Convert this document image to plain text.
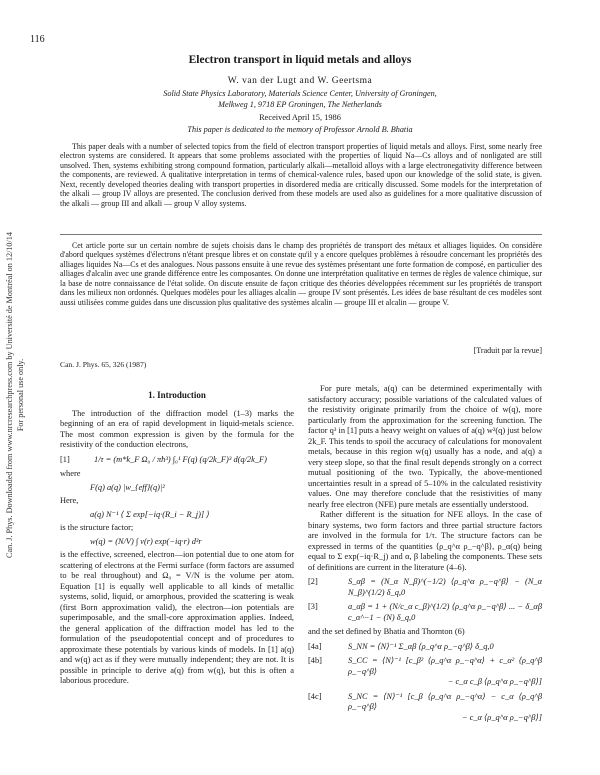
116
Can. J. Phys. Downloaded from www.nrcresearchpress.com by Université de Montréal on 12/10/14 For personal use only.
Electron transport in liquid metals and alloys
W. van der Lugt and W. Geertsma
Solid State Physics Laboratory, Materials Science Center, University of Groningen,
Melkweg 1, 9718 EP Groningen, The Netherlands
Received April 15, 1986
This paper is dedicated to the memory of Professor Arnold B. Bhatia

This paper deals with a number of selected topics from the field of electron transport properties of liquid metals and alloys. First, some nearly free electron systems are considered. It appears that some problems associated with the properties of liquid Na—Cs alloys and of nonligated are still unsolved. Then, systems exhibiting strong compound formation, particularly alkali—metalloid alloys with a large electronegativity difference between the components, are reviewed. A qualitative interpretation in terms of chemical-valence rules, based upon our knowledge of the solid state, is given. Next, recently developed theories dealing with transport properties in disordered media are critically discussed. Some models for the interpretation of the alkali — group IV alloys are presented. The conclusion derived from these models are used also as guidelines for a more qualitative discussion of the alkali — group III and alkali — group V alloy systems.

Cet article porte sur un certain nombre de sujets choisis dans le champ des propriétés de transport des métaux et alliages liquides. On considère d'abord quelques systèmes d'électrons n'étant presque libres et on constate qu'il y a encore quelques problèmes à résoudre concernant les propriétés des alliages liquides Na—Cs et des analogues. Nous passons ensuite à une revue des systèmes présentant une forte formation de composé, en particulier des alliages d'alcalin avec une grande différence entre les composantes. On donne une interprétation qualitative en termes de règles de valence chimique, sur la base de notre connaissance de l'état solide. On discute ensuite de façon critique des théories développées récemment sur les propriétés de transport dans les milieux non ordonnés. Quelques modèles pour les alliages alcalin — groupe IV sont présentés. Les idées de base résultant de ces modèles sont aussi utilisées comme guides dans une discussion plus qualitative des systèmes alcalin — groupe III et alcalin — groupe V.

[Traduit par la revue]
Can. J. Phys. 65, 326 (1987)

1. Introduction

The introduction of the diffraction model (1–3) marks the beginning of an era of rapid development in liquid-metals science. The most common expression is given by the formula for the resistivity of the conduction electrons,

[1]	1/τ = (m*k_F Ω₀ / πħ³) ∫₀¹ F(q) (q/2k_F)³ d(q/2k_F)

where

F(q) a(q) |w_{eff}(q)|²

Here,

a(q) N⁻¹ ⟨ Σ exp[−iq·(R_i − R_j)] ⟩

is the structure factor;

w(q) = (N/V) ∫ v(r) exp(−iq·r) d³r

is the effective, screened, electron—ion potential due to one atom for scattering of electrons at the Fermi surface (form factors are assumed to be real throughout) and Ω₀ = V/N is the volume per atom. Equation [1] is equally well applicable to all kinds of metallic systems, solid, liquid, or amorphous, provided the scattering is weak (first Born approximation valid), the electron—ion potentials are superimposable, and the small-core approximation applies. Indeed, the general application of the diffraction model has led to the formulation of the pseudopotential concept and of procedures to approximate these potentials by various kinds of models. In [1] a(q) and w(q) act as if they were mutually independent; they are not. It is possible in principle to derive a(q) from w(q), but this is often a laborious procedure.

For pure metals, a(q) can be determined experimentally with satisfactory accuracy; possible variations of the calculated values of the resistivity originate primarily from the choice of w(q), more particularly from the approximation for the screening function. The factor q³ in [1] puts a heavy weight on values of a(q) w²(q) just below 2k_F. This tends to spoil the accuracy of calculations for monovalent metals, because in this region w(q) usually has a node, and a(q) a very steep slope, so that the final result depends strongly on a correct mutual positioning of the two. Typically, the above-mentioned uncertainties result in a spread of 5–10% in the calculated resistivity values. One may therefore conclude that the resistivities of many nearly free electron (NFE) pure metals are essentially understood.

Rather different is the situation for NFE alloys. In the case of binary systems, two form factors and three partial structure factors are involved in the formula for 1/τ. The structure factors can be expressed in terms of the quantities ⟨ρ_q^α ρ_−q^β⟩, ρ_α(q) being equal to Σ exp(−iq·R_j) and α, β labeling the components. These sets of definitions are current in the literature (4–6).

[2]	S_αβ = (N_α N_β)^(−1/2) ⟨ρ_q^α ρ_−q^β⟩ − (N_α N_β)^(1/2) δ_q,0
[3]	a_αβ = 1 + (N/c_α c_β)^(1/2) ⟨ρ_q^α ρ_−q^β⟩ ... − δ_αβ c_α^−1 − (N) δ_q,0

and the set defined by Bhatia and Thornton (6)

[4a]	S_NN = ⟨N⟩⁻¹ Σ_αβ ⟨ρ_q^α ρ_−q^β⟩ δ_q,0
[4b]	S_CC = ⟨N⟩⁻¹ [c_β² ⟨ρ_q^α ρ_−q^α⟩ + c_α² ⟨ρ_q^β ρ_−q^β⟩
− c_α c_β ⟨ρ_q^α ρ_−q^β⟩]
[4c]	S_NC = ⟨N⟩⁻¹ [c_β ⟨ρ_q^α ρ_−q^α⟩ − c_α ⟨ρ_q^β ρ_−q^β⟩
− c_α ⟨ρ_q^α ρ_−q^β⟩]
